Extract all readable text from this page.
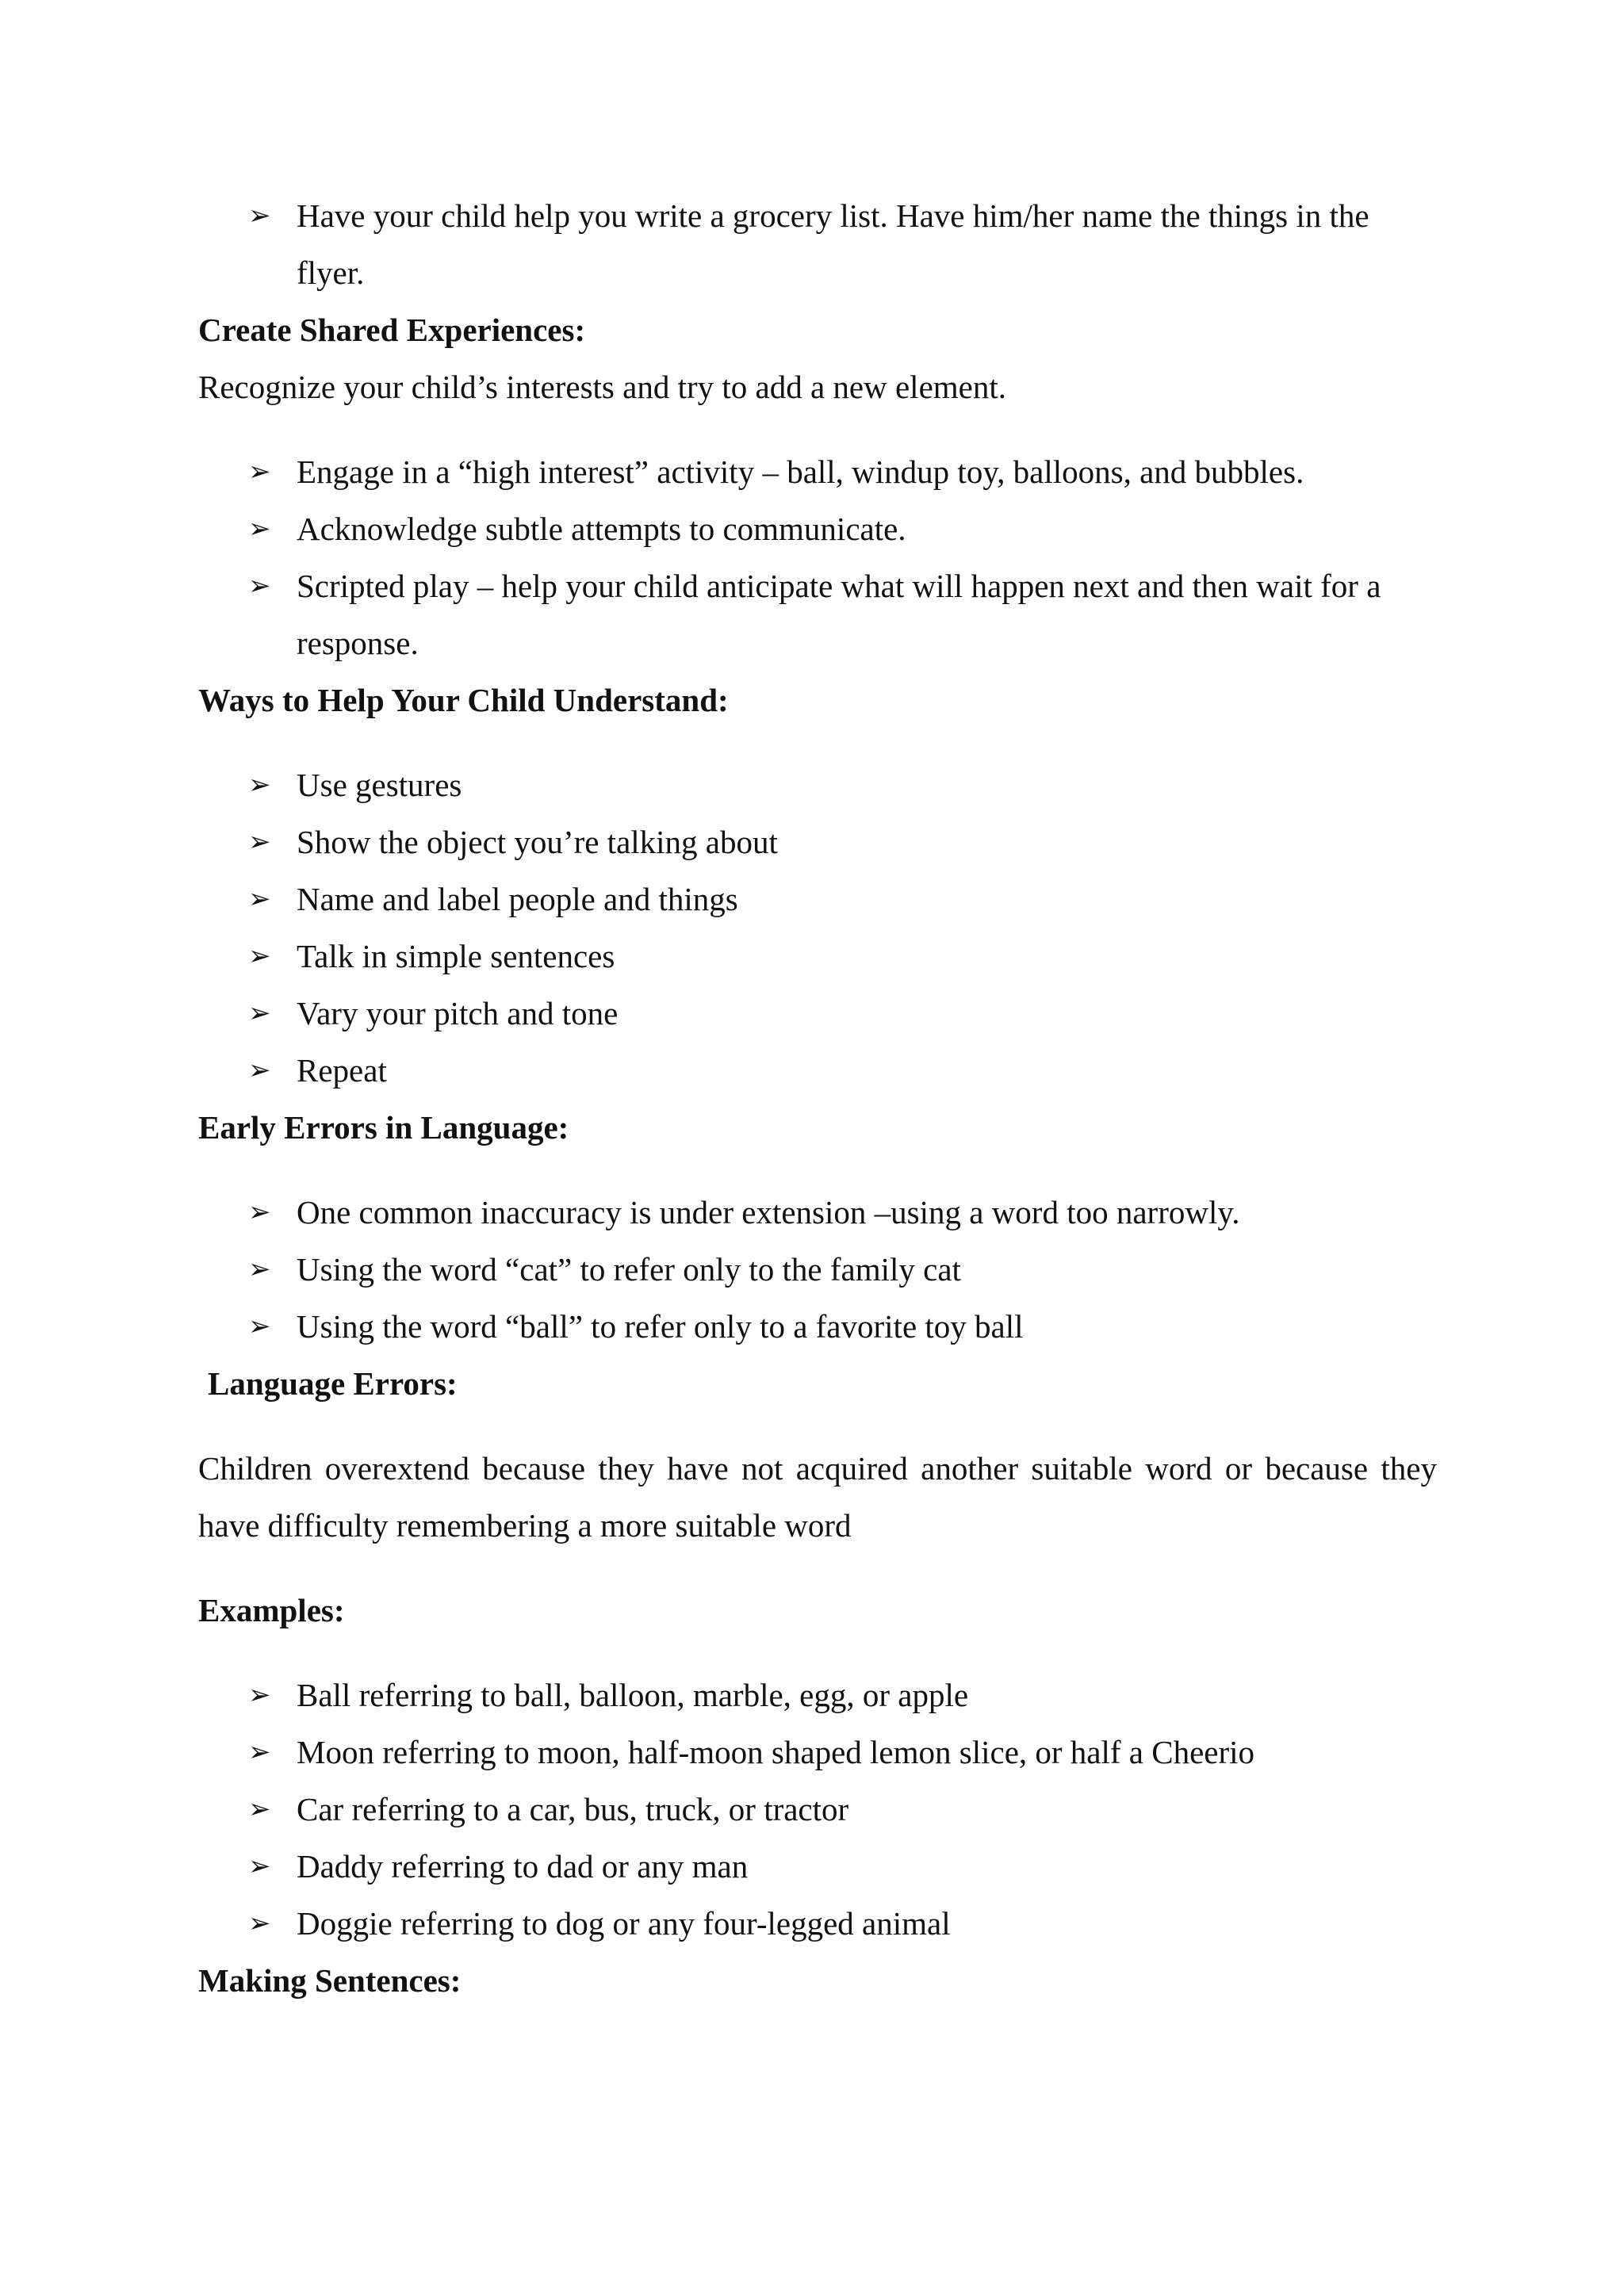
➢ Have your child help you write a grocery list. Have him/her name the things in the flyer.

Create Shared Experiences:

Recognize your child’s interests and try to add a new element.

➢ Engage in a “high interest” activity – ball, windup toy, balloons, and bubbles.
➢ Acknowledge subtle attempts to communicate.
➢ Scripted play – help your child anticipate what will happen next and then wait for a response.

Ways to Help Your Child Understand:

➢ Use gestures
➢ Show the object you’re talking about
➢ Name and label people and things
➢ Talk in simple sentences
➢ Vary your pitch and tone
➢ Repeat

Early Errors in Language:

➢ One common inaccuracy is under extension –using a word too narrowly.
➢ Using the word “cat” to refer only to the family cat
➢ Using the word “ball” to refer only to a favorite toy ball

Language Errors:

Children overextend because they have not acquired another suitable word or because they have difficulty remembering a more suitable word

Examples:

➢ Ball referring to ball, balloon, marble, egg, or apple
➢ Moon referring to moon, half-moon shaped lemon slice, or half a Cheerio
➢ Car referring to a car, bus, truck, or tractor
➢ Daddy referring to dad or any man
➢ Doggie referring to dog or any four-legged animal

Making Sentences:
